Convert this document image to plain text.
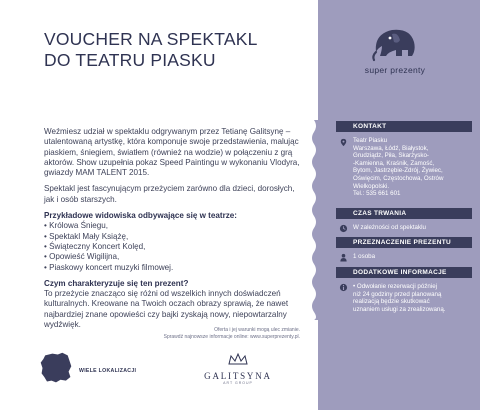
VOUCHER NA SPEKTAKL
DO TEATRU PIASKU

Weźmiesz udział w spektaklu odgrywanym przez Tetianę Galitsynę – utalentowaną artystkę, która komponuje swoje przedstawienia, malując piaskiem, śniegiem, światłem (również na wodzie) w połączeniu z grą aktorów. Show uzupełnia pokaz Speed Paintingu w wykonaniu Vlodyra, gwiazdy MAM TALENT 2015.

Spektakl jest fascynującym przeżyciem zarówno dla dzieci, dorosłych, jak i osób starszych.

Przykładowe widowiska odbywające się w teatrze:
• Królowa Śniegu,
• Spektakl Mały Książę,
• Świąteczny Koncert Kolęd,
• Opowieść Wigilijna,
• Piaskowy koncert muzyki filmowej.
Czym charakteryzuje się ten prezent?

To przeżycie znacząco się różni od wszelkich innych doświadczeń kulturalnych. Kreowane na Twoich oczach obrazy sprawią, że nawet najbardziej znane opowieści czy bajki zyskają nowy, niepowtarzalny wydźwięk.

Oferta i jej warunki mogą ulec zmianie.
Sprawdź najnowsze informacje online: www.superprezenty.pl.
WIELE LOKALIZACJI	GALITSYNA
ART GROUP
super prezenty
KONTAKT
Teatr Piasku
Warszawa, Łódź, Białystok,
Grudziądz, Piła, Skarżysko-
-Kamienna, Kraśnik, Zamość,
Bytom, Jastrzębie-Zdrój, Żywiec,
Oświęcim, Częstochowa, Ostrów
Wielkopolski.
Tel.: 535 661 601
CZAS TRWANIA
W zależności od spektaklu
PRZEZNACZENIE PREZENTU
1 osoba
DODATKOWE INFORMACJE
• Odwołanie rezerwacji później
niż 24 godziny przed planowaną
realizacją będzie skutkować
uznaniem usługi za zrealizowaną.
